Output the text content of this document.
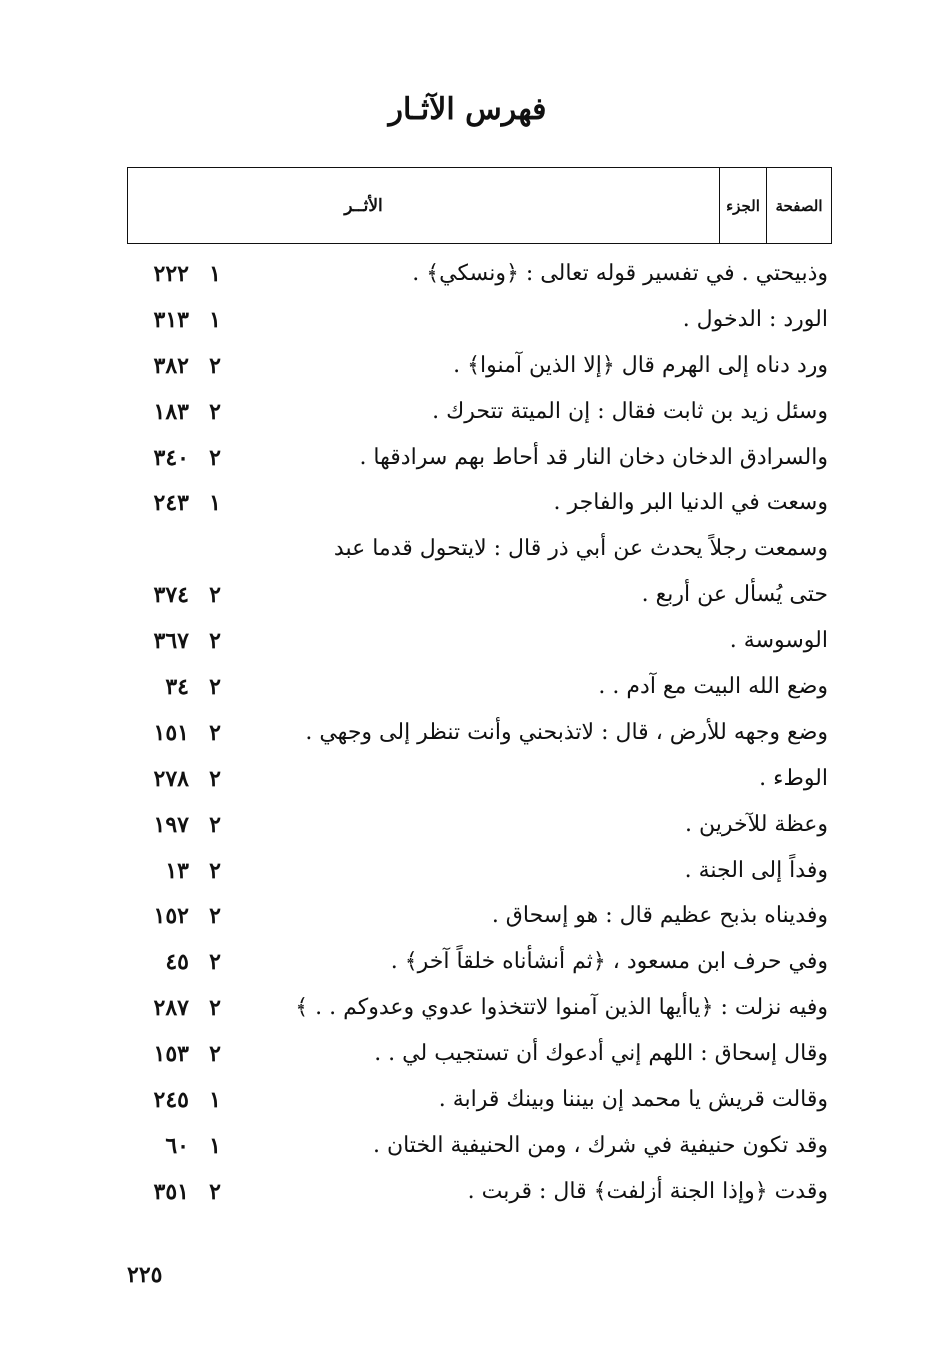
فهرس الآثـار
الأثــر	الجزء	الصفحة
وذبيحتي . في تفسير قوله تعالى : ﴿ونسكي﴾ .
١
٢٢٢
الورد : الدخول .
١
٣١٣
ورد دناه إلى الهرم قال ﴿إلا الذين آمنوا﴾ .
٢
٣٨٢
وسئل زيد بن ثابت فقال : إن الميتة تتحرك .
٢
١٨٣
والسرادق الدخان دخان النار قد أحاط بهم سرادقها .
٢
٣٤٠
وسعت في الدنيا البر والفاجر .
١
٢٤٣
وسمعت رجلاً يحدث عن أبي ذر قال : لايتحول قدما عبد
حتى يُسأل عن أربع .
٢
٣٧٤
الوسوسة .
٢
٣٦٧
وضع الله البيت مع آدم . .
٢
٣٤
وضع وجهه للأرض ، قال : لاتذبحني وأنت تنظر إلى وجهي .
٢
١٥١
الوطء .
٢
٢٧٨
وعظة للآخرين .
٢
١٩٧
وفداً إلى الجنة .
٢
١٣
وفديناه بذبح عظيم قال : هو إسحاق .
٢
١٥٢
وفي حرف ابن مسعود ، ﴿ثم أنشأناه خلقاً آخر﴾ .
٢
٤٥
وفيه نزلت : ﴿ياأيها الذين آمنوا لاتتخذوا عدوي وعدوكم . . ﴾
٢
٢٨٧
وقال إسحاق : اللهم إني أدعوك أن تستجيب لي . .
٢
١٥٣
وقالت قريش يا محمد إن بيننا وبينك قرابة .
١
٢٤٥
وقد تكون حنيفية في شرك ، ومن الحنيفية الختان .
١
٦٠
وقدت ﴿وإذا الجنة أزلفت﴾ قال : قربت .
٢
٣٥١
٢٢٥
